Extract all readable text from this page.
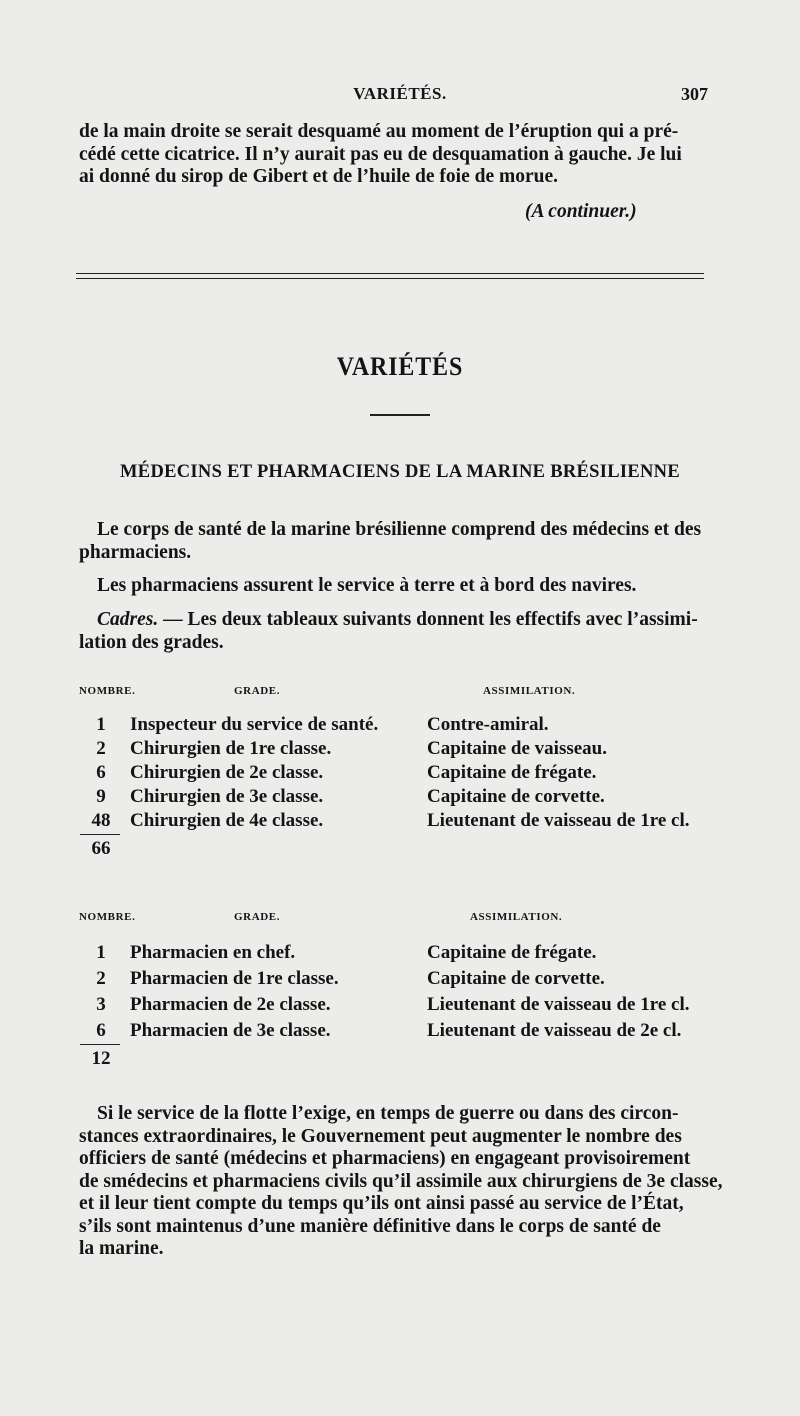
VARIÉTÉS.	307
de la main droite se serait desquamé au moment de l’éruption qui a pré-
cédé cette cicatrice. Il n’y aurait pas eu de desquamation à gauche. Je lui
ai donné du sirop de Gibert et de l’huile de foie de morue.
(A continuer.)
VARIÉTÉS
MÉDECINS ET PHARMACIENS DE LA MARINE BRÉSILIENNE
Le corps de santé de la marine brésilienne comprend des médecins et des
pharmaciens.
Les pharmaciens assurent le service à terre et à bord des navires.
Cadres. — Les deux tableaux suivants donnent les effectifs avec l’assimi-
lation des grades.
NOMBRE.	GRADE.	ASSIMILATION.
1	Inspecteur du service de santé.	Contre-amiral.
2	Chirurgien de 1re classe.	Capitaine de vaisseau.
6	Chirurgien de 2e classe.	Capitaine de frégate.
9	Chirurgien de 3e classe.	Capitaine de corvette.
48 Chirurgien de 4e classe.	Lieutenant de vaisseau de 1re cl.
66
NOMBRE.	GRADE.	ASSIMILATION.
1	Pharmacien en chef.	Capitaine de frégate.
2	Pharmacien de 1re classe.	Capitaine de corvette.
3	Pharmacien de 2e classe.	Lieutenant de vaisseau de 1re cl.
6	Pharmacien de 3e classe.	Lieutenant de vaisseau de 2e cl.
12
Si le service de la flotte l’exige, en temps de guerre ou dans des circon-
stances extraordinaires, le Gouvernement peut augmenter le nombre des
officiers de santé (médecins et pharmaciens) en engageant provisoirement
de smédecins et pharmaciens civils qu’il assimile aux chirurgiens de 3e classe,
et il leur tient compte du temps qu’ils ont ainsi passé au service de l’État,
s’ils sont maintenus d’une manière définitive dans le corps de santé de
la marine.
